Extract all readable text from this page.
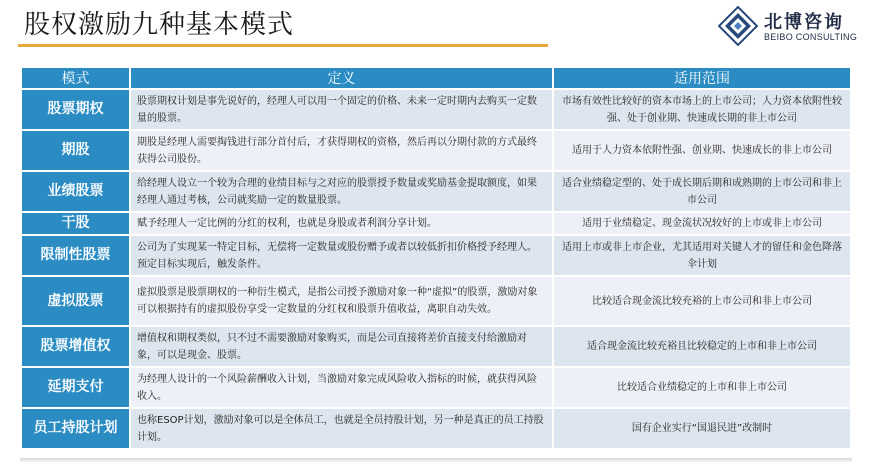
股权激励九种基本模式	北博咨询
BEIBO CONSULTING
模式	定义	适用范围
股票期权	股票期权计划是事先说好的，经理人可以用一个固定的价格、未来一定时期内去购买一定数量的股票。	市场有效性比较好的资本市场上的上市公司；人力资本依附性较强、处于创业期、快速成长期的非上市公司
期股	期股是经理人需要掏钱进行部分首付后，才获得期权的资格，然后再以分期付款的方式最终获得公司股份。	适用于人力资本依附性强、创业期、快速成长的非上市公司
业绩股票	给经理人设立一个较为合理的业绩目标与之对应的股票授予数量或奖励基金提取额度，如果经理人通过考核，公司就奖励一定的数量股票。	适合业绩稳定型的、处于成长期后期和成熟期的上市公司和非上市公司
干股	赋予经理人一定比例的分红的权利，也就是身股或者利润分享计划。	适用于业绩稳定、现金流状况较好的上市或非上市公司
限制性股票	公司为了实现某一特定目标，无偿将一定数量或股份赠予或者以较低折扣价格授予经理人。预定目标实现后，触发条件。	适用上市或非上市企业，尤其适用对关键人才的留任和金色降落伞计划
虚拟股票	虚拟股票是股票期权的一种衍生模式，是指公司授予激励对象一种“虚拟”的股票，激励对象可以根据持有的虚拟股份享受一定数量的分红权和股票升值收益，离职自动失效。	比较适合现金流比较充裕的上市公司和非上市公司
股票增值权	增值权和期权类似，只不过不需要激励对象购买，而是公司直接将差价直接支付给激励对象，可以是现金、股票。	适合现金流比较充裕且比较稳定的上市和非上市公司
延期支付	为经理人设计的一个风险薪酬收入计划，当激励对象完成风险收入指标的时候，就获得风险收入。	比较适合业绩稳定的上市和非上市公司
员工持股计划	也称ESOP计划，激励对象可以是全体员工，也就是全员持股计划，另一种是真正的员工持股计划。	国有企业实行“国退民进”改制时
